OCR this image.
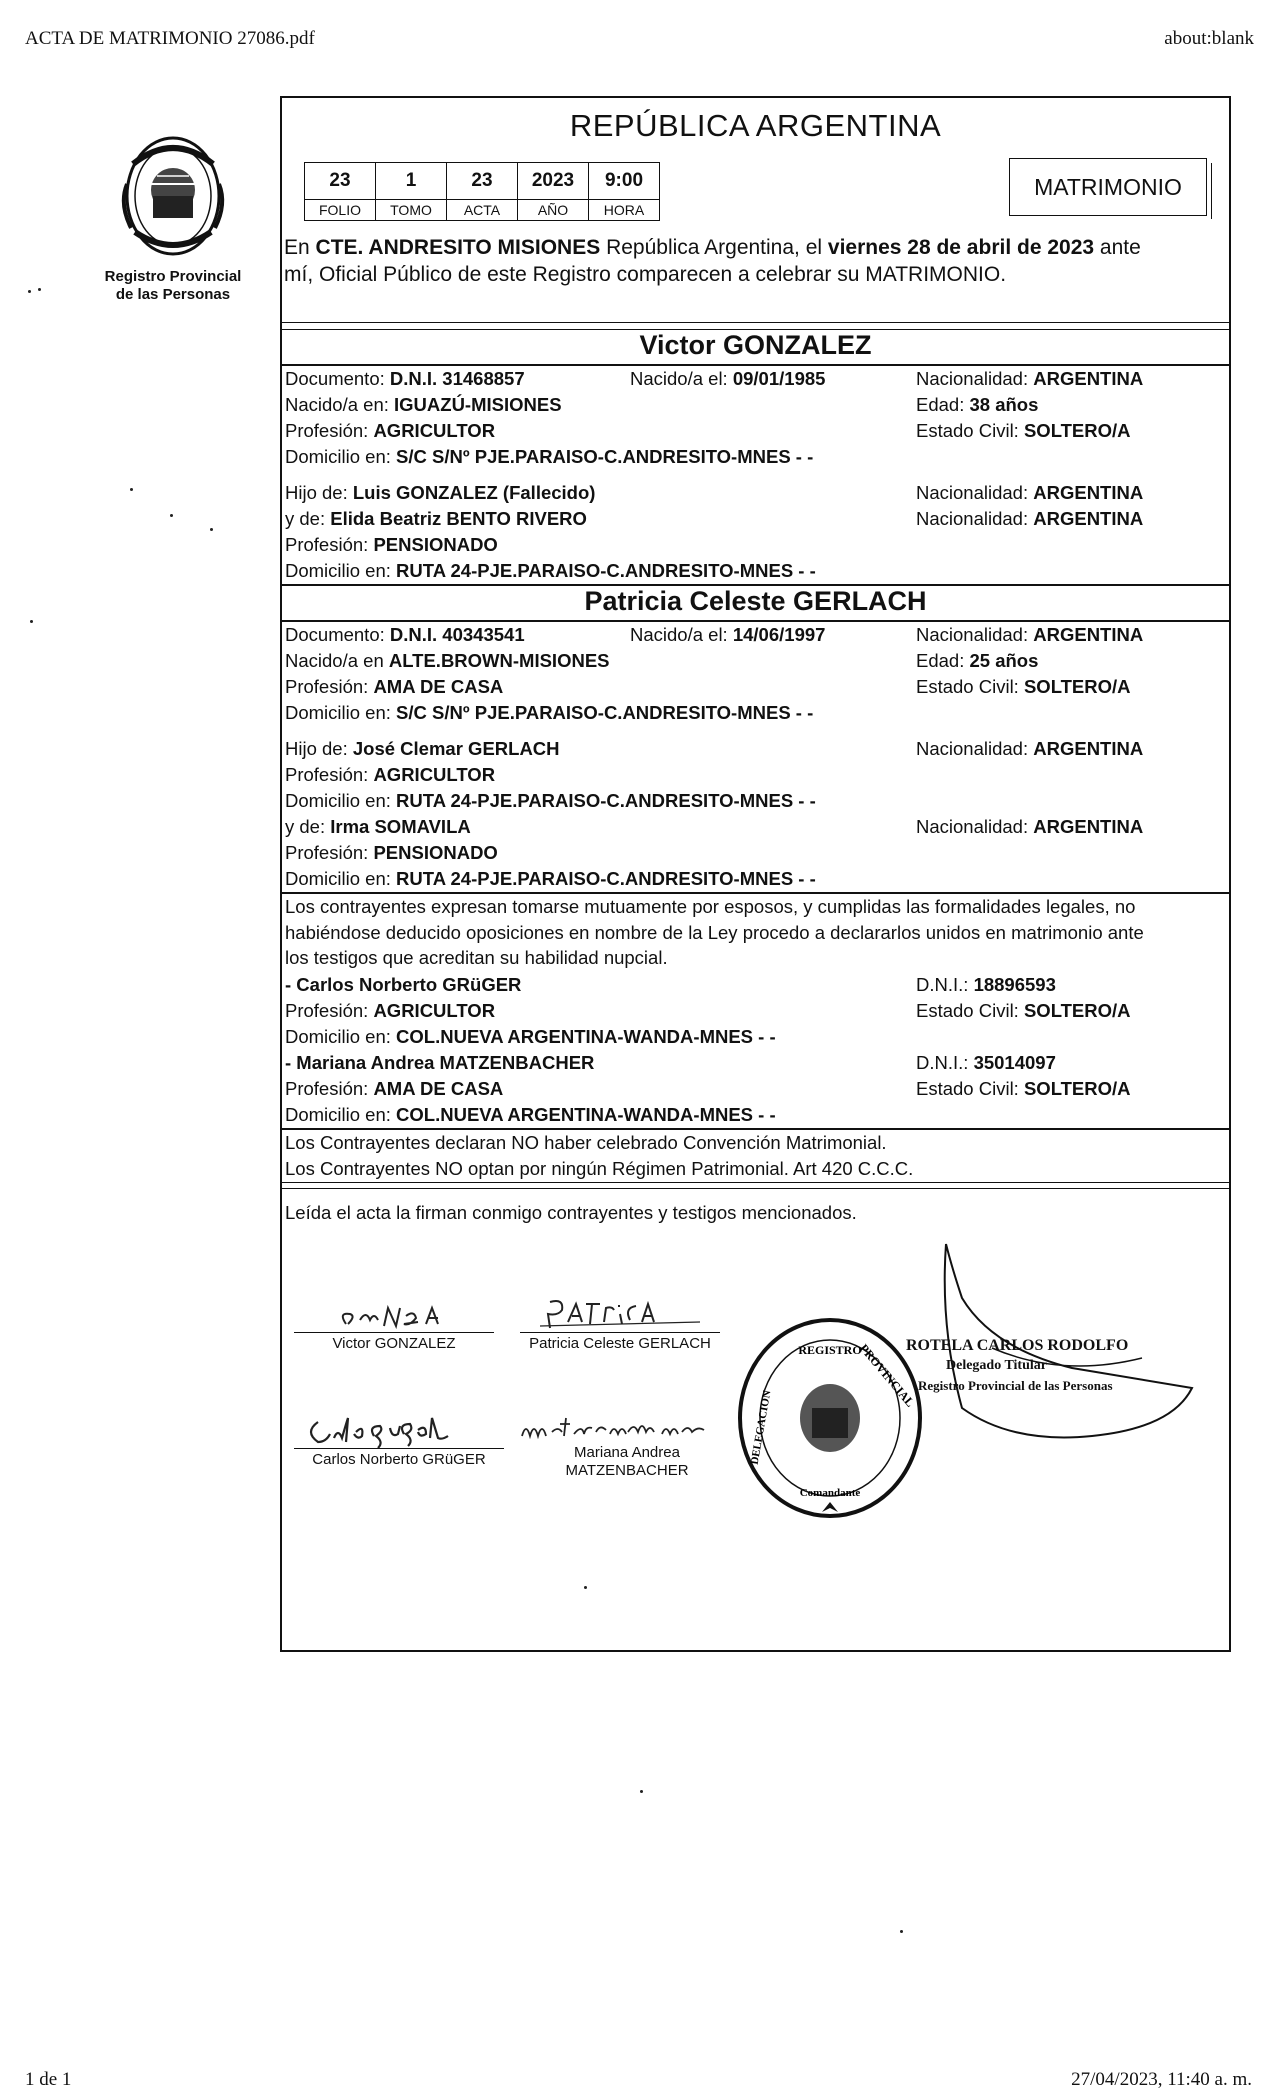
ACTA DE MATRIMONIO 27086.pdf	about:blank
Registro Provincial
de las Personas
REPÚBLICA ARGENTINA
23	1	23	2023	9:00
FOLIO	TOMO	ACTA	AÑO	HORA
MATRIMONIO
En CTE. ANDRESITO MISIONES República Argentina, el viernes 28 de abril de 2023 ante
mí, Oficial Público de este Registro comparecen a celebrar su MATRIMONIO.
Victor GONZALEZ
Documento: D.N.I. 31468857	Nacido/a el: 09/01/1985	Nacionalidad: ARGENTINA
Nacido/a en: IGUAZÚ-MISIONES	Edad: 38 años
Profesión: AGRICULTOR	Estado Civil: SOLTERO/A
Domicilio en: S/C S/Nº PJE.PARAISO-C.ANDRESITO-MNES - -
Hijo de: Luis GONZALEZ (Fallecido)	Nacionalidad: ARGENTINA
y de: Elida Beatriz BENTO RIVERO	Nacionalidad: ARGENTINA
Profesión: PENSIONADO
Domicilio en: RUTA 24-PJE.PARAISO-C.ANDRESITO-MNES - -
Patricia Celeste GERLACH
Documento: D.N.I. 40343541	Nacido/a el: 14/06/1997	Nacionalidad: ARGENTINA
Nacido/a en ALTE.BROWN-MISIONES	Edad: 25 años
Profesión: AMA DE CASA	Estado Civil: SOLTERO/A
Domicilio en: S/C S/Nº PJE.PARAISO-C.ANDRESITO-MNES - -
Hijo de: José Clemar GERLACH	Nacionalidad: ARGENTINA
Profesión: AGRICULTOR
Domicilio en: RUTA 24-PJE.PARAISO-C.ANDRESITO-MNES - -
y de: Irma SOMAVILA	Nacionalidad: ARGENTINA
Profesión: PENSIONADO
Domicilio en: RUTA 24-PJE.PARAISO-C.ANDRESITO-MNES - -
Los contrayentes expresan tomarse mutuamente por esposos, y cumplidas las formalidades legales, no
habiéndose deducido oposiciones en nombre de la Ley procedo a declararlos unidos en matrimonio ante
los testigos que acreditan su habilidad nupcial.
- Carlos Norberto GRüGER	D.N.I.: 18896593
Profesión: AGRICULTOR	Estado Civil: SOLTERO/A
Domicilio en: COL.NUEVA ARGENTINA-WANDA-MNES - -
- Mariana Andrea MATZENBACHER	D.N.I.: 35014097
Profesión: AMA DE CASA	Estado Civil: SOLTERO/A
Domicilio en: COL.NUEVA ARGENTINA-WANDA-MNES - -
Los Contrayentes declaran NO haber celebrado Convención Matrimonial.
Los Contrayentes NO optan por ningún Régimen Patrimonial. Art 420 C.C.C.
Leída el acta la firman conmigo contrayentes y testigos mencionados.
Victor GONZALEZ	Patricia Celeste GERLACH
Carlos Norberto GRüGER	Mariana Andrea
MATZENBACHER
REGISTRO
PROVINCIAL
DELEGACION
Comandante
ROTELA CARLOS RODOLFO
Delegado Titular
Registro Provincial de las Personas
1 de 1	27/04/2023, 11:40 a. m.
